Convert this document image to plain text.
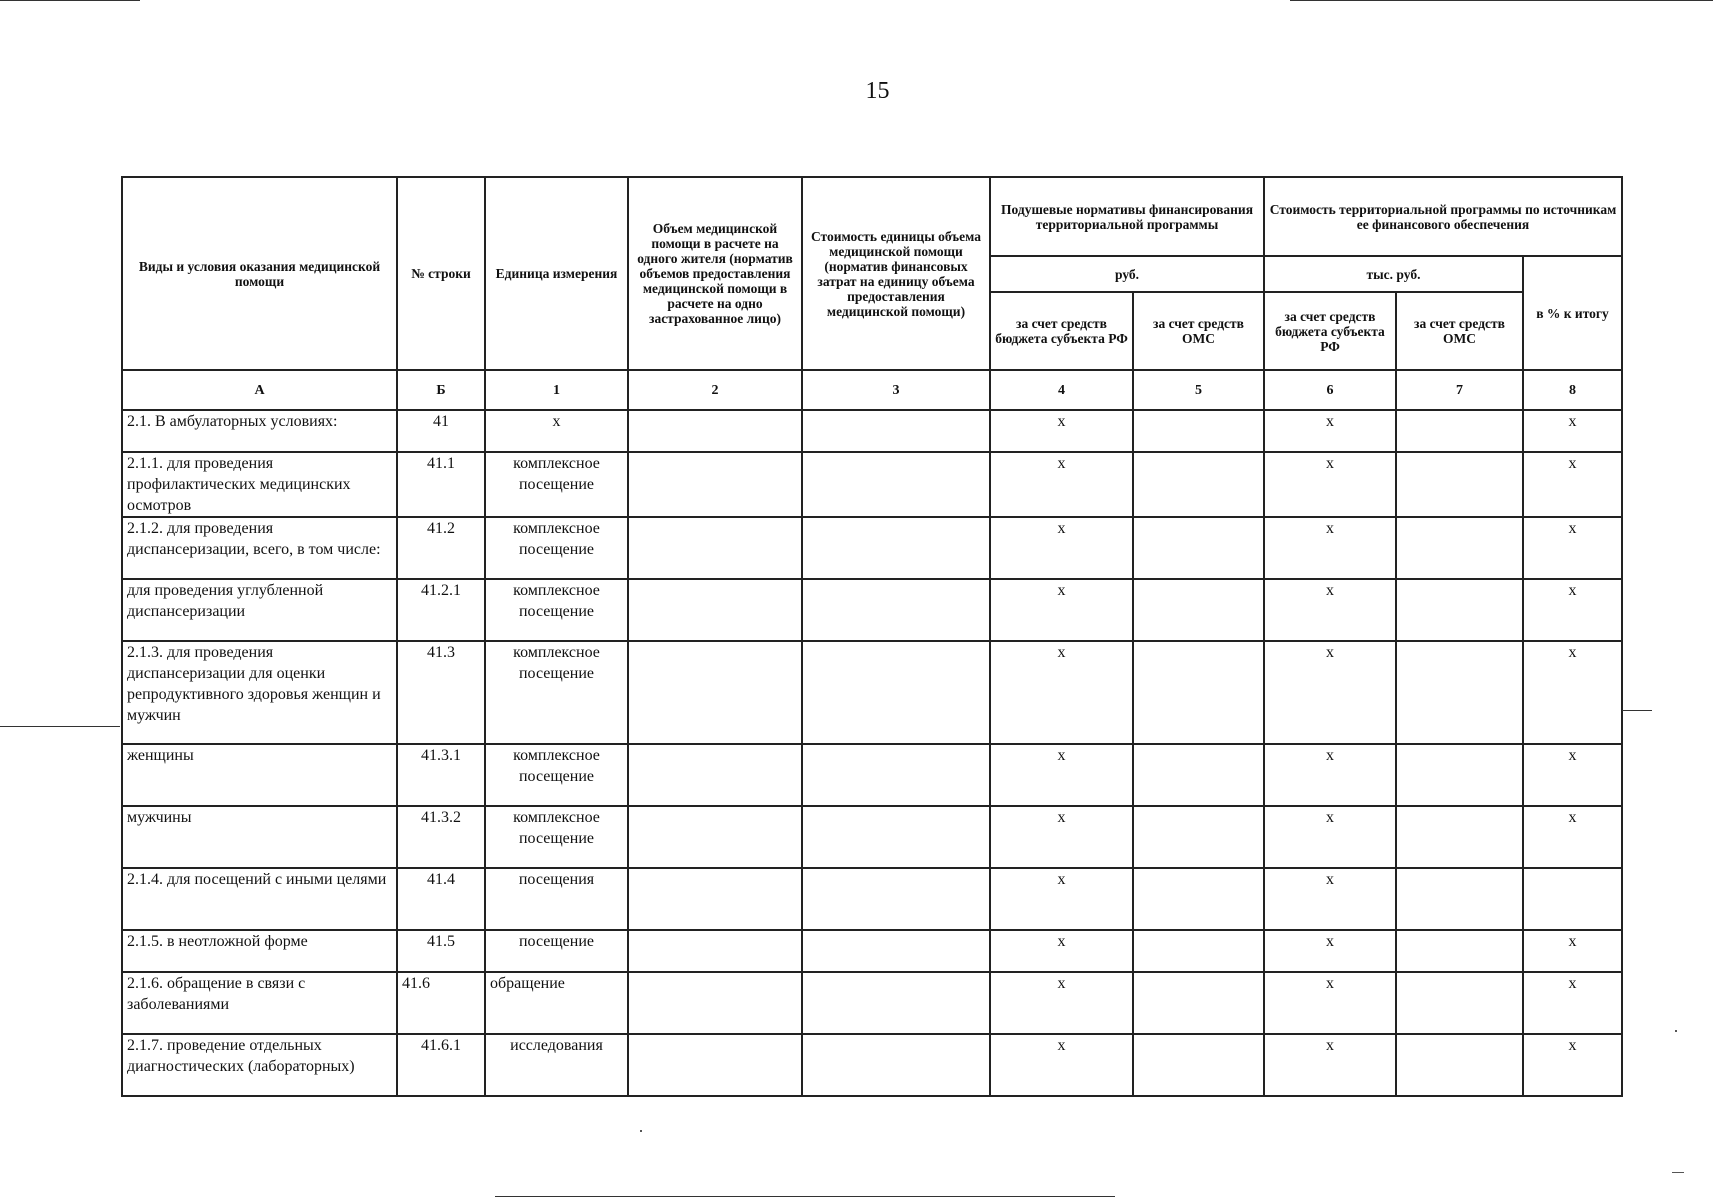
15
Виды и условия оказания медицинской помощи	№ строки	Единица измерения	Объем медицинской помощи в расчете на одного жителя (норматив объемов предоставления медицинской помощи в расчете на одно застрахованное лицо)	Стоимость единицы объема медицинской помощи (норматив финансовых затрат на единицу объема предоставления медицинской помощи)	Подушевые нормативы финансирования территориальной программы		Стоимость территориальной программы по источникам ее финансового обеспечения		
					руб.		тыс. руб.		в % к итогу
					за счет средств бюджета субъекта РФ	за счет средств ОМС	за счет средств бюджета субъекта РФ	за счет средств ОМС	
А	Б	1	2	3	4	5	6	7	8
2.1. В амбулаторных условиях:	41	х			х		х		х
2.1.1. для проведения профилактических медицинских осмотров	41.1	комплексное посещение			х		х		х
2.1.2. для проведения диспансеризации, всего, в том числе:	41.2	комплексное посещение			х		х		х
для проведения углубленной диспансеризации	41.2.1	комплексное посещение			х		х		х
2.1.3. для проведения диспансеризации для оценки репродуктивного здоровья женщин и мужчин	41.3	комплексное посещение			х		х		х
женщины	41.3.1	комплексное посещение			х		х		х
мужчины	41.3.2	комплексное посещение			х		х		х
2.1.4. для посещений с иными целями	41.4	посещения			х		х		
2.1.5. в неотложной форме	41.5	посещение			х		х		х
2.1.6. обращение в связи с заболеваниями	41.6	обращение			х		х		х
2.1.7. проведение отдельных диагностических (лабораторных)	41.6.1	исследования			х		х		х
